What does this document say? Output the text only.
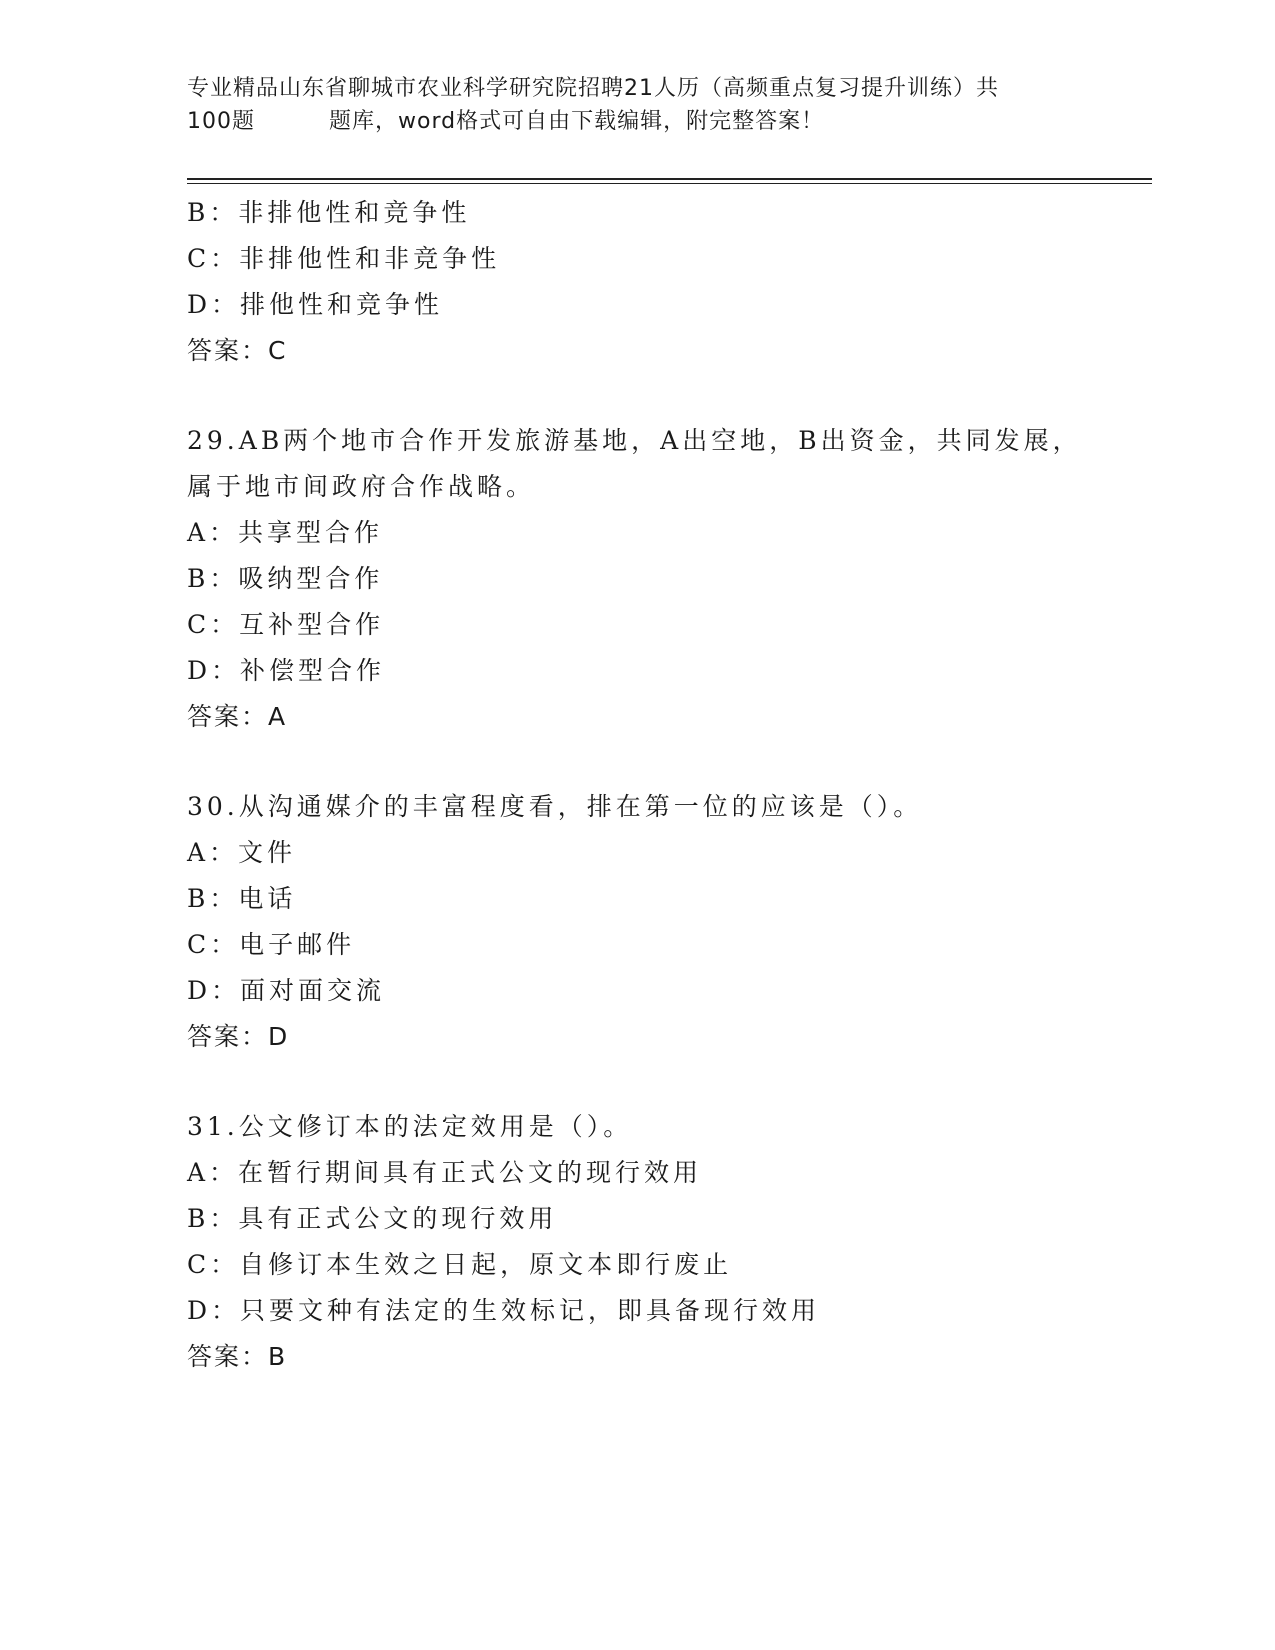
专业精品山东省聊城市农业科学研究院招聘21人历（高频重点复习提升训练）共
100题	题库，word格式可自由下载编辑，附完整答案！
B：非排他性和竞争性
C：非排他性和非竞争性
D：排他性和竞争性
答案：C
29.AB两个地市合作开发旅游基地，A出空地，B出资金，共同发展，
属于地市间政府合作战略。
A：共享型合作
B：吸纳型合作
C：互补型合作
D：补偿型合作
答案：A
30.从沟通媒介的丰富程度看，排在第一位的应该是（）。
A：文件
B：电话
C：电子邮件
D：面对面交流
答案：D
31.公文修订本的法定效用是（）。
A：在暂行期间具有正式公文的现行效用
B：具有正式公文的现行效用
C：自修订本生效之日起，原文本即行废止
D：只要文种有法定的生效标记，即具备现行效用
答案：B
